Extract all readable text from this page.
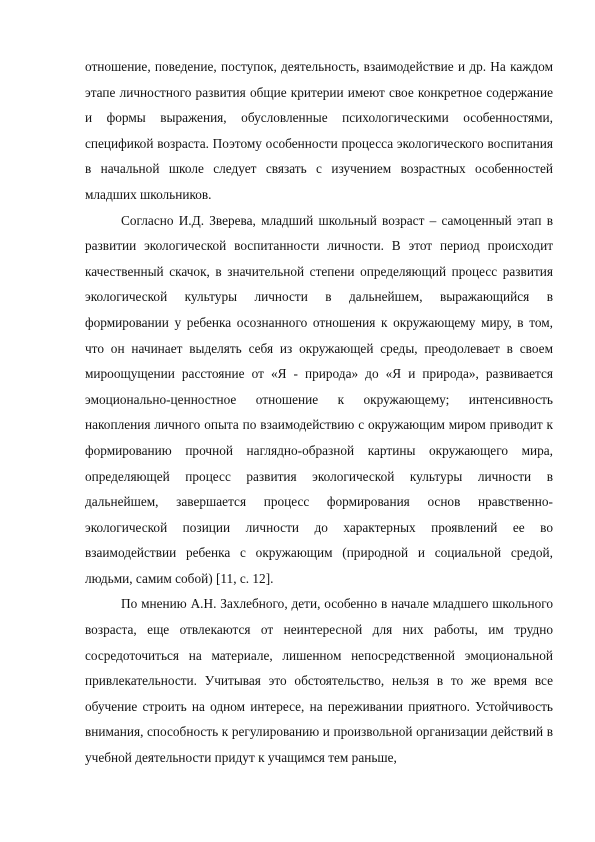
отношение, поведение, поступок, деятельность, взаимодействие и др. На каждом этапе личностного развития общие критерии имеют свое конкретное содержание и формы выражения, обусловленные психологическими особенностями, спецификой возраста. Поэтому особенности процесса экологического воспитания в начальной школе следует связать с изучением возрастных особенностей младших школьников.

Согласно И.Д. Зверева, младший школьный возраст – самоценный этап в развитии экологической воспитанности личности. В этот период происходит качественный скачок, в значительной степени определяющий процесс развития экологической культуры личности в дальнейшем, выражающийся в формировании у ребенка осознанного отношения к окружающему миру, в том, что он начинает выделять себя из окружающей среды, преодолевает в своем мироощущении расстояние от «Я - природа» до «Я и природа», развивается эмоционально-ценностное отношение к окружающему; интенсивность накопления личного опыта по взаимодействию с окружающим миром приводит к формированию прочной наглядно-образной картины окружающего мира, определяющей процесс развития экологической культуры личности в дальнейшем, завершается процесс формирования основ нравственно-экологической позиции личности до характерных проявлений ее во взаимодействии ребенка с окружающим (природной и социальной средой, людьми, самим собой) [11, с. 12].

По мнению А.Н. Захлебного, дети, особенно в начале младшего школьного возраста, еще отвлекаются от неинтересной для них работы, им трудно сосредоточиться на материале, лишенном непосредственной эмоциональной привлекательности. Учитывая это обстоятельство, нельзя в то же время все обучение строить на одном интересе, на переживании приятного. Устойчивость внимания, способность к регулированию и произвольной организации действий в учебной деятельности придут к учащимся тем раньше,
